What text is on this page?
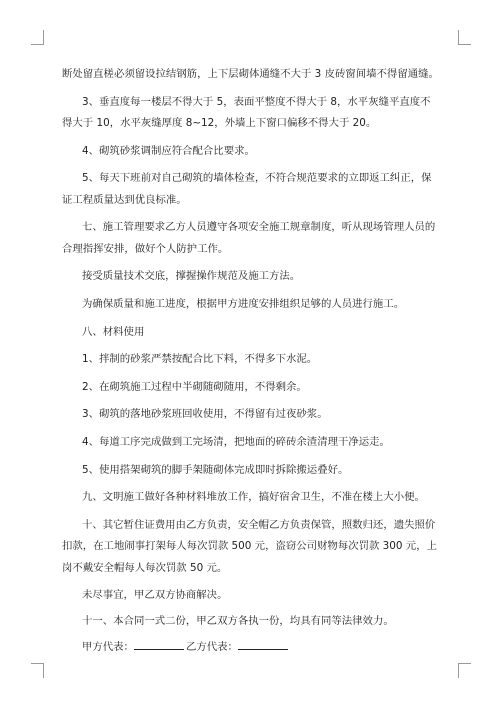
断处留直槎必须留设拉结钢筋，上下层砌体通缝不大于 3 皮砖窗间墙不得留通缝。

3、垂直度每一楼层不得大于 5，表面平整度不得大于 8，水平灰缝平直度不得大于 10，水平灰缝厚度 8~12，外墙上下窗口偏移不得大于 20。

4、砌筑砂浆调制应符合配合比要求。

5、每天下班前对自己砌筑的墙体检查，不符合规范要求的立即返工纠正，保证工程质量达到优良标准。

七、施工管理要求乙方人员遵守各项安全施工规章制度，听从现场管理人员的合理指挥安排，做好个人防护工作。

接受质量技术交底，撑握操作规范及施工方法。

为确保质量和施工进度，根据甲方进度安排组织足够的人员进行施工。

八、材料使用

1、拌制的砂浆严禁按配合比下料，不得多下水泥。

2、在砌筑施工过程中半砌随砌随用，不得剩余。

3、砌筑的落地砂浆班回收使用，不得留有过夜砂浆。

4、每道工序完成做到工完场清，把地面的碎砖余渣清理干净运走。

5、使用搭架砌筑的脚手架随砌体完成即时拆除搬运叠好。

九、文明施工做好各种材料堆放工作，搞好宿舍卫生，不准在楼上大小便。

十、其它暂住证费用由乙方负责，安全帽乙方负责保管，照数归还，遗失照价扣款，在工地闹事打架每人每次罚款 500 元，盗窃公司财物每次罚款 300 元，上岗不戴安全帽每人每次罚款 50 元。

未尽事宜，甲乙双方协商解决。

十一、本合同一式二份，甲乙双方各执一份，均具有同等法律效力。

甲方代表：	乙方代表：
